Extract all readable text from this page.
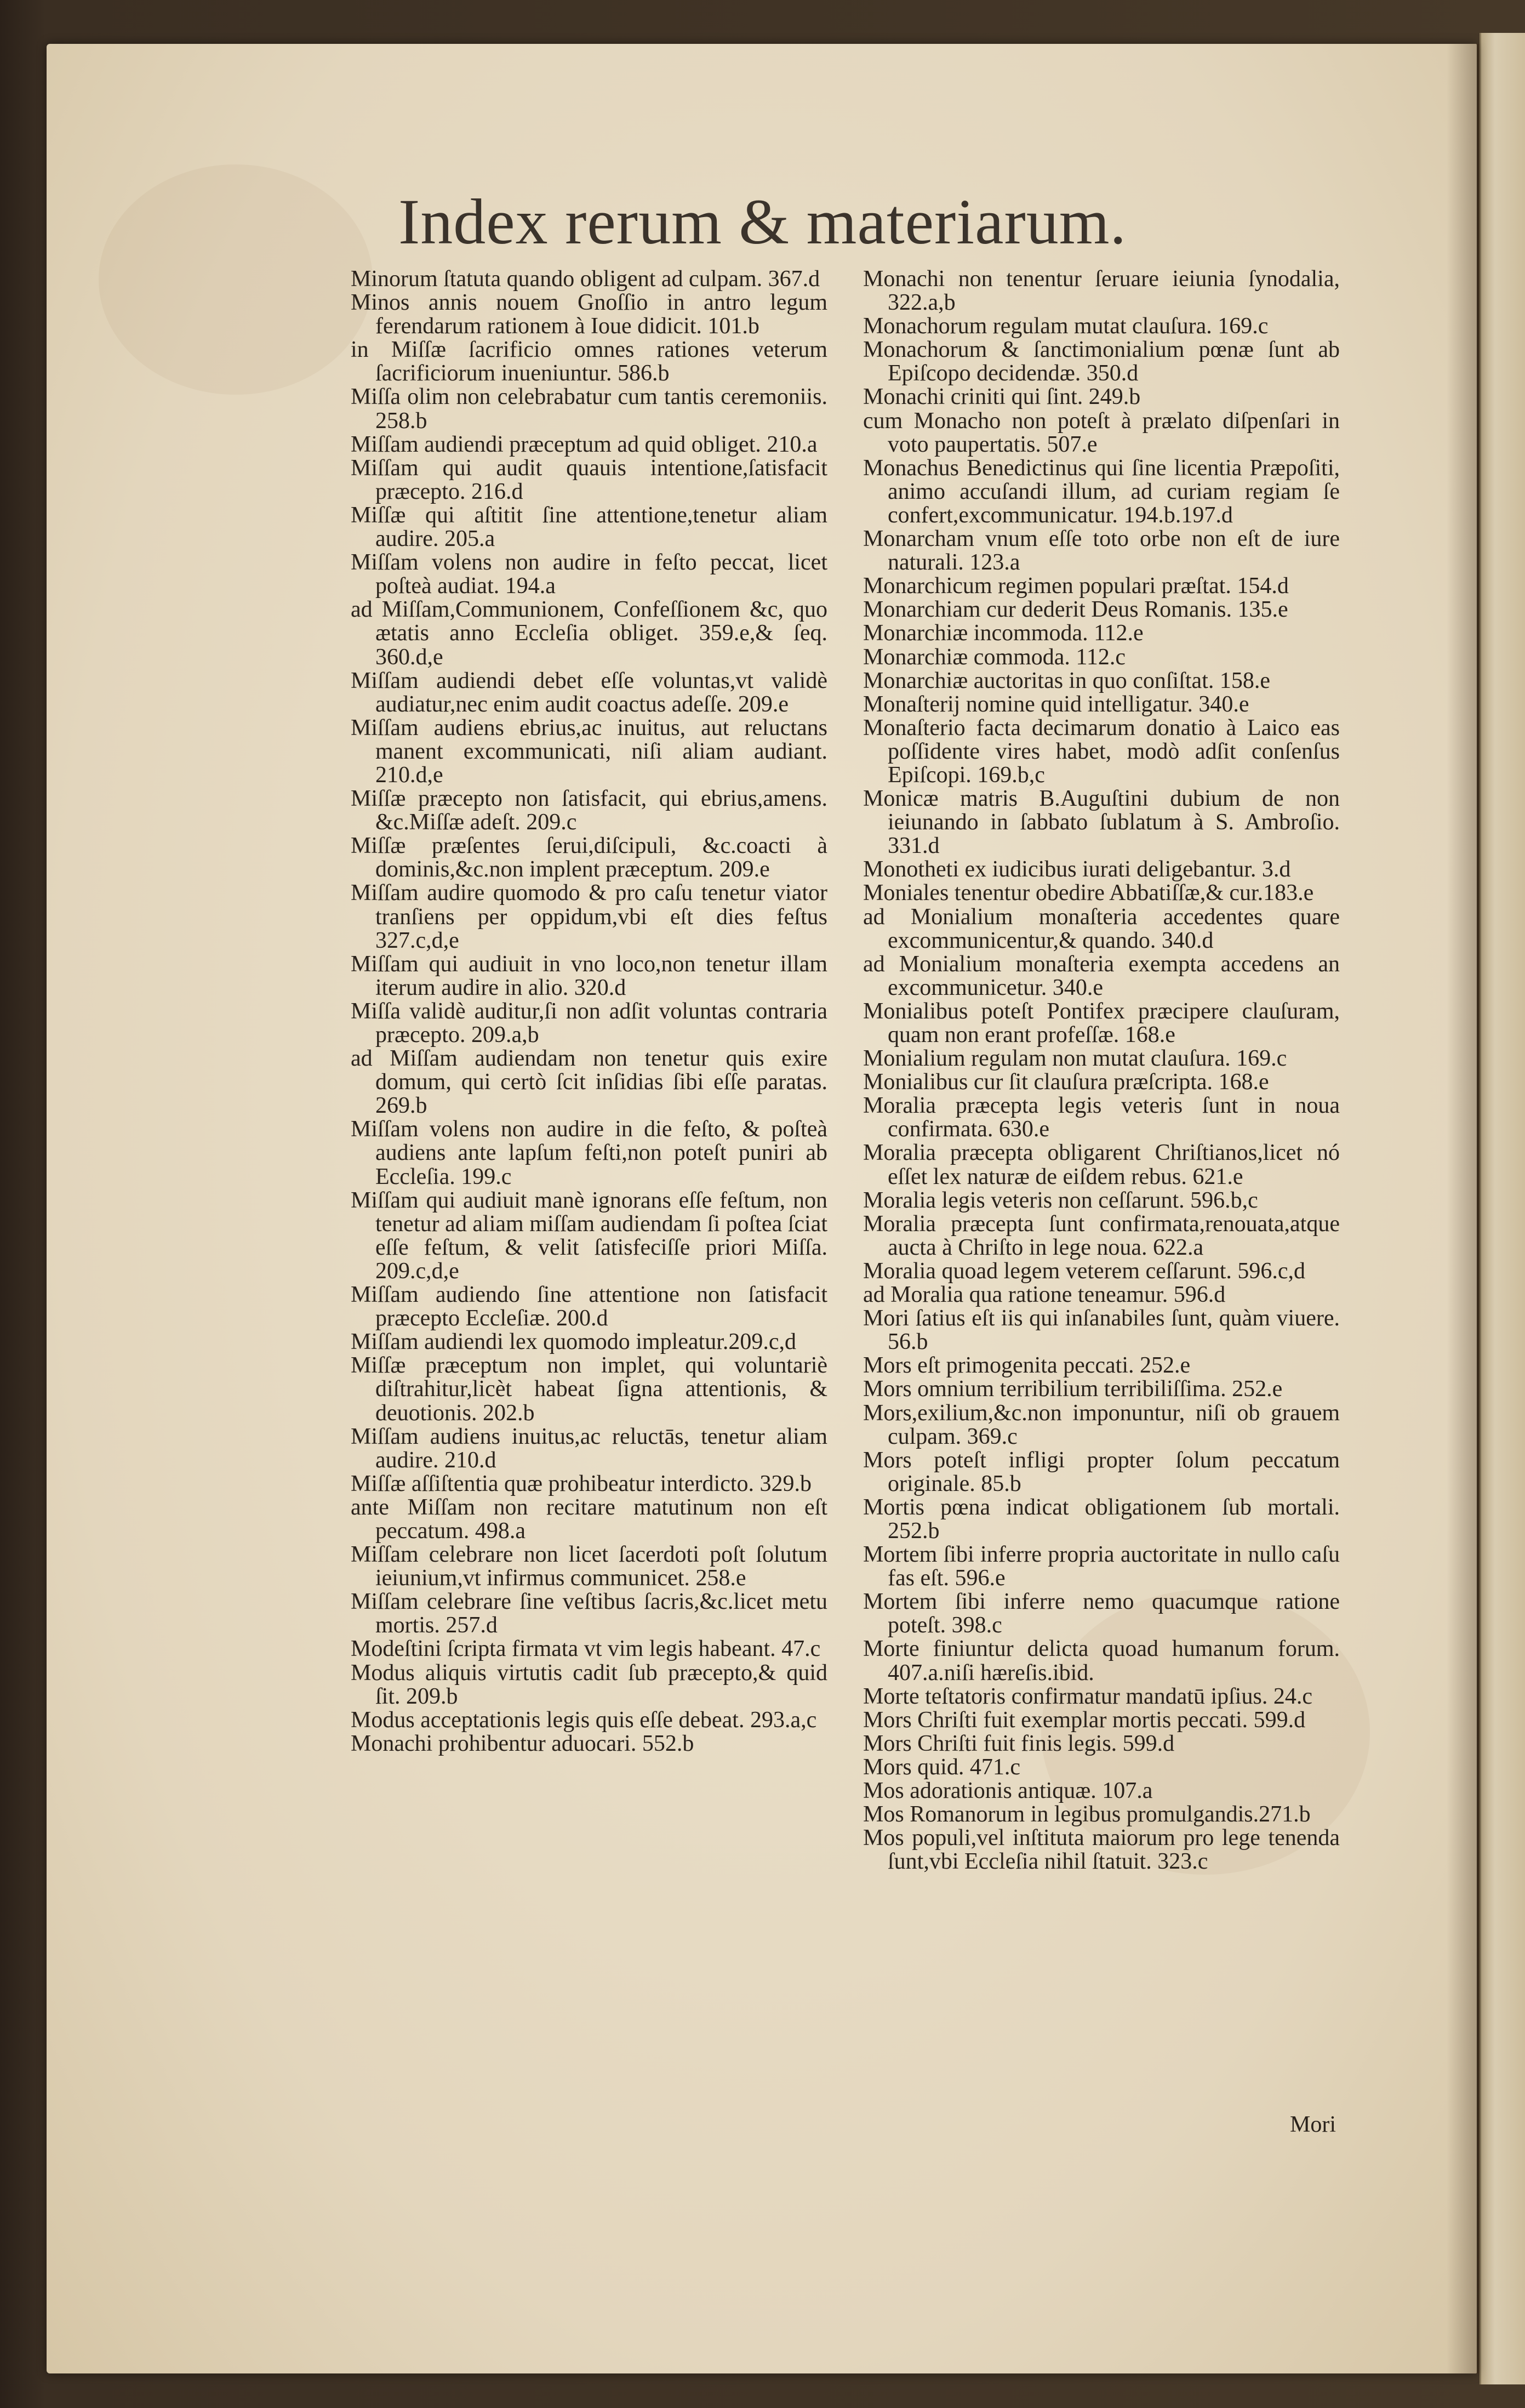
Index rerum & materiarum.

Minorum ſtatuta quando obligent ad culpam. 367.d

Minos annis nouem Gnoſſio in antro legum ferendarum rationem à Ioue didicit. 101.b

in Miſſæ ſacrificio omnes rationes veterum ſacrificiorum inueniuntur. 586.b

Miſſa olim non celebrabatur cum tantis ceremoniis. 258.b

Miſſam audiendi præceptum ad quid obliget. 210.a

Miſſam qui audit quauis intentione,ſatisfacit præcepto. 216.d

Miſſæ qui aſtitit ſine attentione,tenetur aliam audire. 205.a

Miſſam volens non audire in feſto peccat, licet poſteà audiat. 194.a

ad Miſſam,Communionem, Confeſſionem &c, quo ætatis anno Eccleſia obliget. 359.e,& ſeq. 360.d,e

Miſſam audiendi debet eſſe voluntas,vt validè audiatur,nec enim audit coactus adeſſe. 209.e

Miſſam audiens ebrius,ac inuitus, aut reluctans manent excommunicati, niſi aliam audiant. 210.d,e

Miſſæ præcepto non ſatisfacit, qui ebrius,amens. &c.Miſſæ adeſt. 209.c

Miſſæ præſentes ſerui,diſcipuli, &c.coacti à dominis,&c.non implent præceptum. 209.e

Miſſam audire quomodo & pro caſu tenetur viator tranſiens per oppidum,vbi eſt dies feſtus 327.c,d,e

Miſſam qui audiuit in vno loco,non tenetur illam iterum audire in alio. 320.d

Miſſa validè auditur,ſi non adſit voluntas contraria præcepto. 209.a,b

ad Miſſam audiendam non tenetur quis exire domum, qui certò ſcit inſidias ſibi eſſe paratas. 269.b

Miſſam volens non audire in die feſto, & poſteà audiens ante lapſum feſti,non poteſt puniri ab Eccleſia. 199.c

Miſſam qui audiuit manè ignorans eſſe feſtum, non tenetur ad aliam miſſam audiendam ſi poſtea ſciat eſſe feſtum, & velit ſatisfeciſſe priori Miſſa. 209.c,d,e

Miſſam audiendo ſine attentione non ſatisfacit præcepto Eccleſiæ. 200.d

Miſſam audiendi lex quomodo impleatur.209.c,d

Miſſæ præceptum non implet, qui voluntariè diſtrahitur,licèt habeat ſigna attentionis, & deuotionis. 202.b

Miſſam audiens inuitus,ac reluctās, tenetur aliam audire. 210.d

Miſſæ aſſiſtentia quæ prohibeatur interdicto. 329.b

ante Miſſam non recitare matutinum non eſt peccatum. 498.a

Miſſam celebrare non licet ſacerdoti poſt ſolutum ieiunium,vt infirmus communicet. 258.e

Miſſam celebrare ſine veſtibus ſacris,&c.licet metu mortis. 257.d

Modeſtini ſcripta firmata vt vim legis habeant. 47.c

Modus aliquis virtutis cadit ſub præcepto,& quid ſit. 209.b

Modus acceptationis legis quis eſſe debeat. 293.a,c

Monachi prohibentur aduocari. 552.b

Monachi non tenentur ſeruare ieiunia ſynodalia, 322.a,b

Monachorum regulam mutat clauſura. 169.c

Monachorum & ſanctimonialium pœnæ ſunt ab Epiſcopo decidendæ. 350.d

Monachi criniti qui ſint. 249.b

cum Monacho non poteſt à prælato diſpenſari in voto paupertatis. 507.e

Monachus Benedictinus qui ſine licentia Præpoſiti, animo accuſandi illum, ad curiam regiam ſe confert,excommunicatur. 194.b.197.d

Monarcham vnum eſſe toto orbe non eſt de iure naturali. 123.a

Monarchicum regimen populari præſtat. 154.d

Monarchiam cur dederit Deus Romanis. 135.e

Monarchiæ incommoda. 112.e

Monarchiæ commoda. 112.c

Monarchiæ auctoritas in quo conſiſtat. 158.e

Monaſterij nomine quid intelligatur. 340.e

Monaſterio facta decimarum donatio à Laico eas poſſidente vires habet, modò adſit conſenſus Epiſcopi. 169.b,c

Monicæ matris B.Auguſtini dubium de non ieiunando in ſabbato ſublatum à S. Ambroſio. 331.d

Monotheti ex iudicibus iurati deligebantur. 3.d

Moniales tenentur obedire Abbatiſſæ,& cur.183.e

ad Monialium monaſteria accedentes quare excommunicentur,& quando. 340.d

ad Monialium monaſteria exempta accedens an excommunicetur. 340.e

Monialibus poteſt Pontifex præcipere clauſuram, quam non erant profeſſæ. 168.e

Monialium regulam non mutat clauſura. 169.c

Monialibus cur ſit clauſura præſcripta. 168.e

Moralia præcepta legis veteris ſunt in noua confirmata. 630.e

Moralia præcepta obligarent Chriſtianos,licet nó eſſet lex naturæ de eiſdem rebus. 621.e

Moralia legis veteris non ceſſarunt. 596.b,c

Moralia præcepta ſunt confirmata,renouata,atque aucta à Chriſto in lege noua. 622.a

Moralia quoad legem veterem ceſſarunt. 596.c,d

ad Moralia qua ratione teneamur. 596.d

Mori ſatius eſt iis qui inſanabiles ſunt, quàm viuere. 56.b

Mors eſt primogenita peccati. 252.e

Mors omnium terribilium terribiliſſima. 252.e

Mors,exilium,&c.non imponuntur, niſi ob grauem culpam. 369.c

Mors poteſt infligi propter ſolum peccatum originale. 85.b

Mortis pœna indicat obligationem ſub mortali. 252.b

Mortem ſibi inferre propria auctoritate in nullo caſu fas eſt. 596.e

Mortem ſibi inferre nemo quacumque ratione poteſt. 398.c

Morte finiuntur delicta quoad humanum forum. 407.a.niſi hæreſis.ibid.

Morte teſtatoris confirmatur mandatū ipſius. 24.c

Mors Chriſti fuit exemplar mortis peccati. 599.d

Mors Chriſti fuit finis legis. 599.d

Mors quid. 471.c

Mos adorationis antiquæ. 107.a

Mos Romanorum in legibus promulgandis.271.b

Mos populi,vel inſtituta maiorum pro lege tenenda ſunt,vbi Eccleſia nihil ſtatuit. 323.c

Mori
